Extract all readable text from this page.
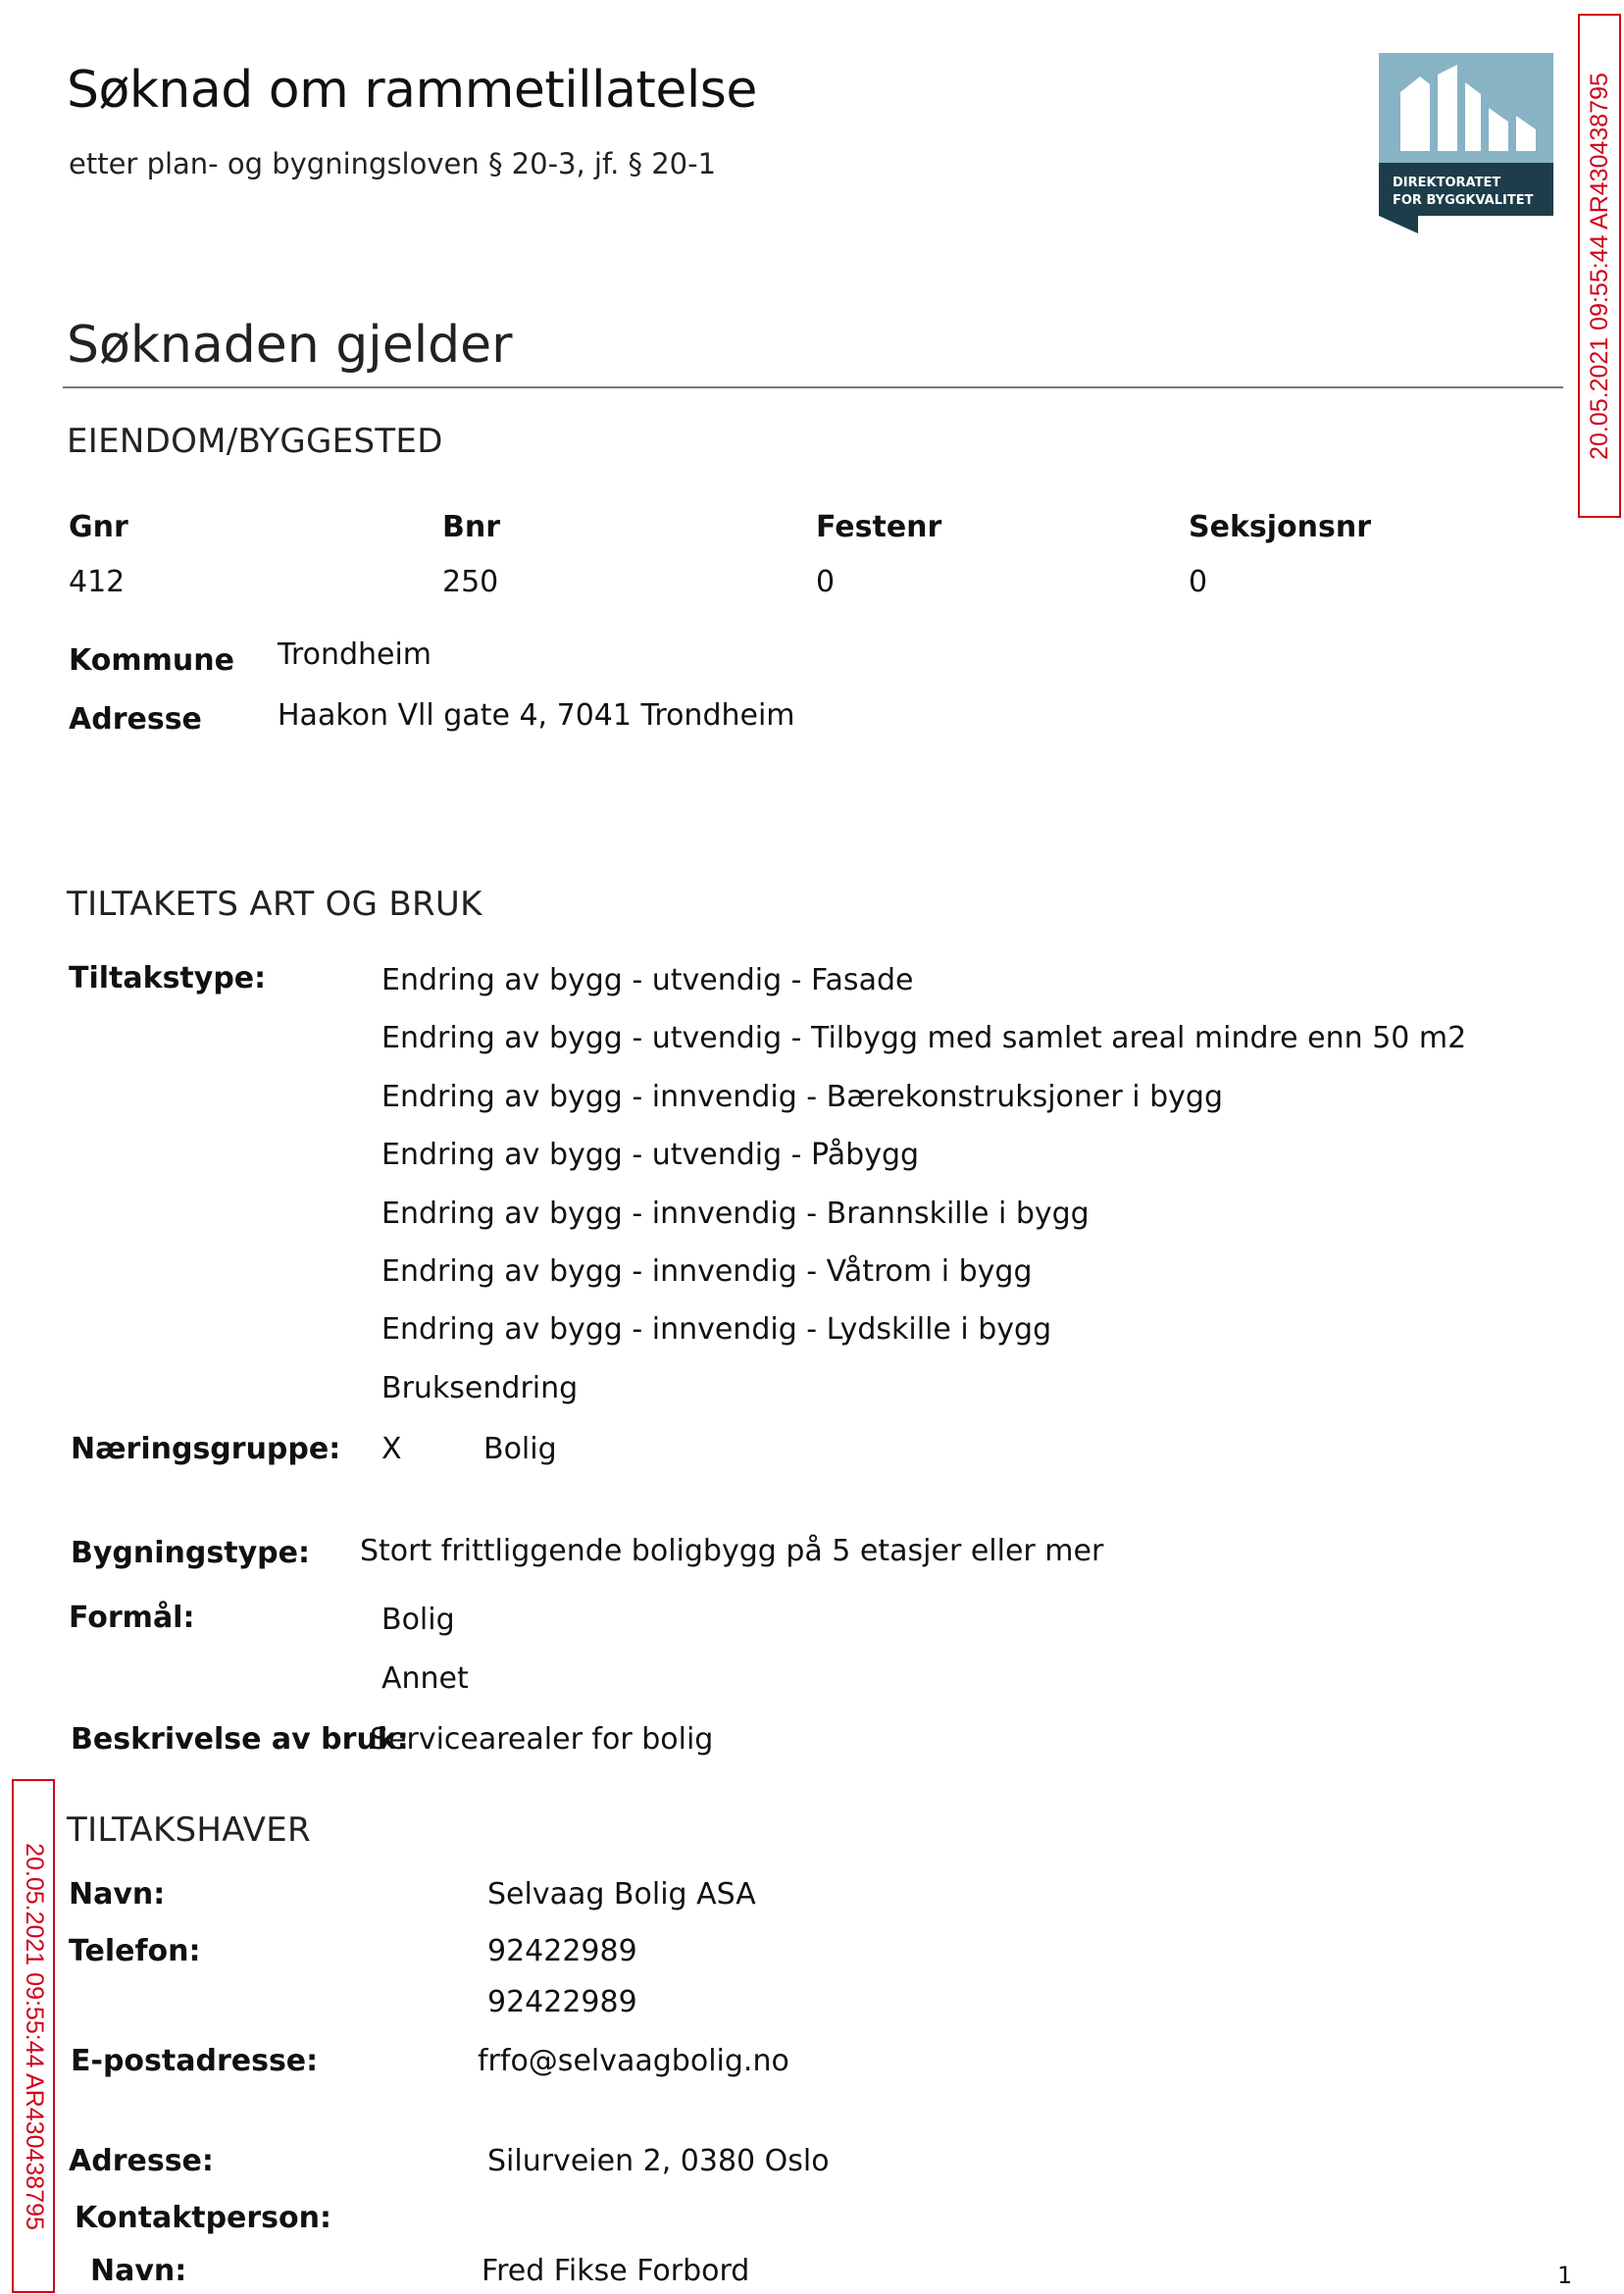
Søknad om rammetillatelse
etter plan- og bygningsloven § 20-3, jf. § 20-1
DIREKTORATET
FOR BYGGKVALITET 20.05.2021 09:55:44 AR430438795
20.05.2021 09:55:44 AR430438795
Søknaden gjelder
EIENDOM/BYGGESTED
Gnr	Bnr	Festenr	Seksjonsnr
412	250	0	0
Kommune Trondheim
Adresse	Haakon Vll gate 4, 7041 Trondheim
TILTAKETS ART OG BRUK
Tiltakstype:	Endring av bygg - utvendig - Fasade
Endring av bygg - utvendig - Tilbygg med samlet areal mindre enn 50 m2
Endring av bygg - innvendig - Bærekonstruksjoner i bygg
Endring av bygg - utvendig - Påbygg
Endring av bygg - innvendig - Brannskille i bygg
Endring av bygg - innvendig - Våtrom i bygg
Endring av bygg - innvendig - Lydskille i bygg
Bruksendring
Næringsgruppe: X	Bolig
Bygningstype: Stort frittliggende boligbygg på 5 etasjer eller mer
Formål:	Bolig
Annet
Beskrivelse av bruk:
Servicearealer for bolig
TILTAKSHAVER
Navn:	Selvaag Bolig ASA
Telefon:	92422989
92422989
E-postadresse:	frfo@selvaagbolig.no
Adresse:	Silurveien 2, 0380 Oslo
Kontaktperson:
Navn:	Fred Fikse Forbord	1
